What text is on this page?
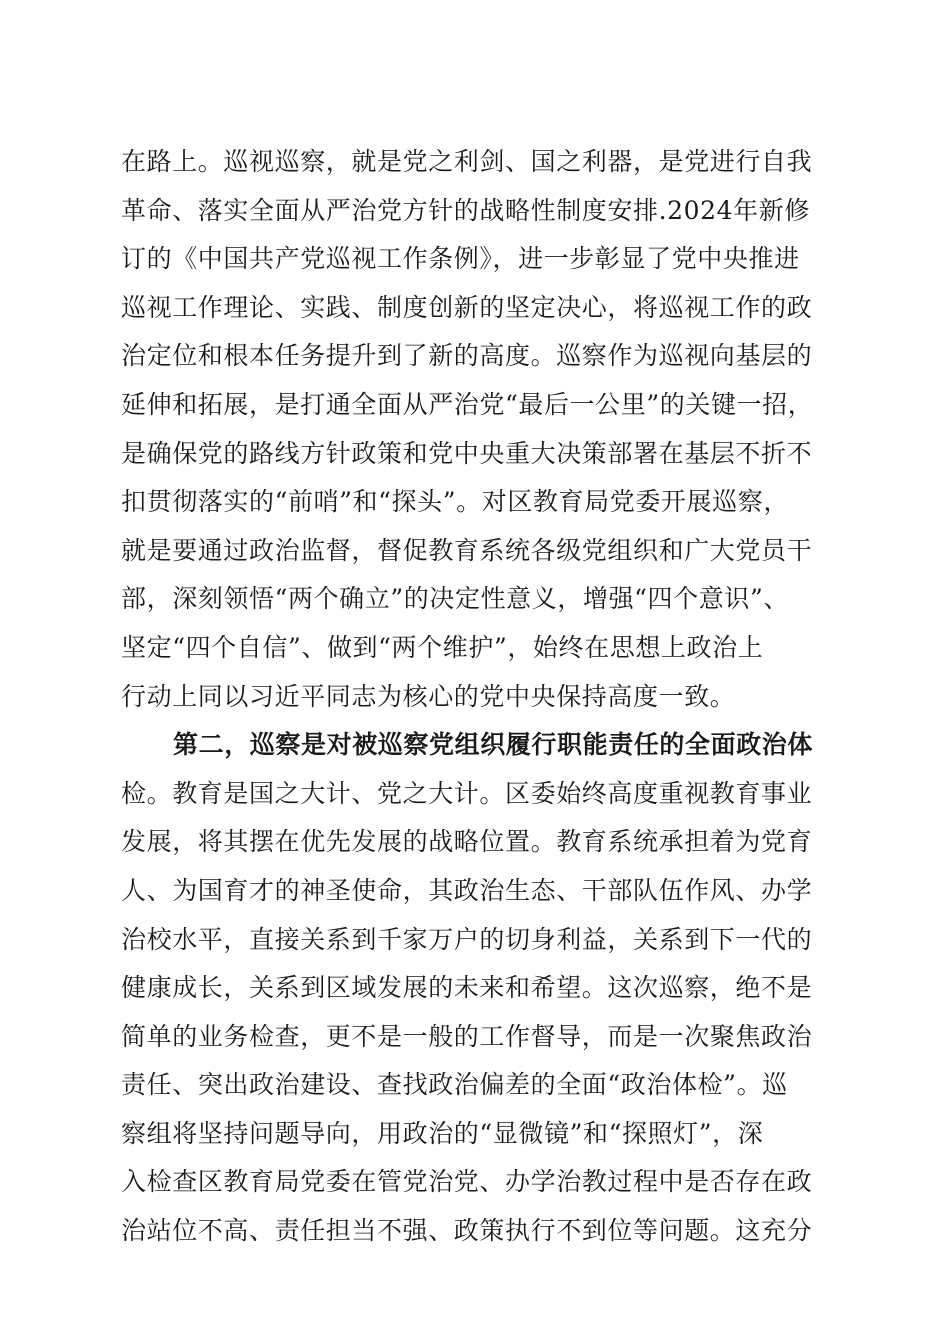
在路上。巡视巡察，就是党之利剑、国之利器，是党进行自我
革命、落实全面从严治党方针的战略性制度安排.2024年新修
订的《中国共产党巡视工作条例》，进一步彰显了党中央推进
巡视工作理论、实践、制度创新的坚定决心，将巡视工作的政
治定位和根本任务提升到了新的高度。巡察作为巡视向基层的
延伸和拓展，是打通全面从严治党“最后一公里”的关键一招，
是确保党的路线方针政策和党中央重大决策部署在基层不折不
扣贯彻落实的“前哨”和“探头”。对区教育局党委开展巡察，
就是要通过政治监督，督促教育系统各级党组织和广大党员干
部，深刻领悟“两个确立”的决定性意义，增强“四个意识”、
坚定“四个自信”、做到“两个维护”，始终在思想上政治上
行动上同以习近平同志为核心的党中央保持高度一致。
第二，巡察是对被巡察党组织履行职能责任的全面政治体
检。教育是国之大计、党之大计。区委始终高度重视教育事业
发展，将其摆在优先发展的战略位置。教育系统承担着为党育
人、为国育才的神圣使命，其政治生态、干部队伍作风、办学
治校水平，直接关系到千家万户的切身利益，关系到下一代的
健康成长，关系到区域发展的未来和希望。这次巡察，绝不是
简单的业务检查，更不是一般的工作督导，而是一次聚焦政治
责任、突出政治建设、查找政治偏差的全面“政治体检”。巡
察组将坚持问题导向，用政治的“显微镜”和“探照灯”，深
入检查区教育局党委在管党治党、办学治教过程中是否存在政
治站位不高、责任担当不强、政策执行不到位等问题。这充分
